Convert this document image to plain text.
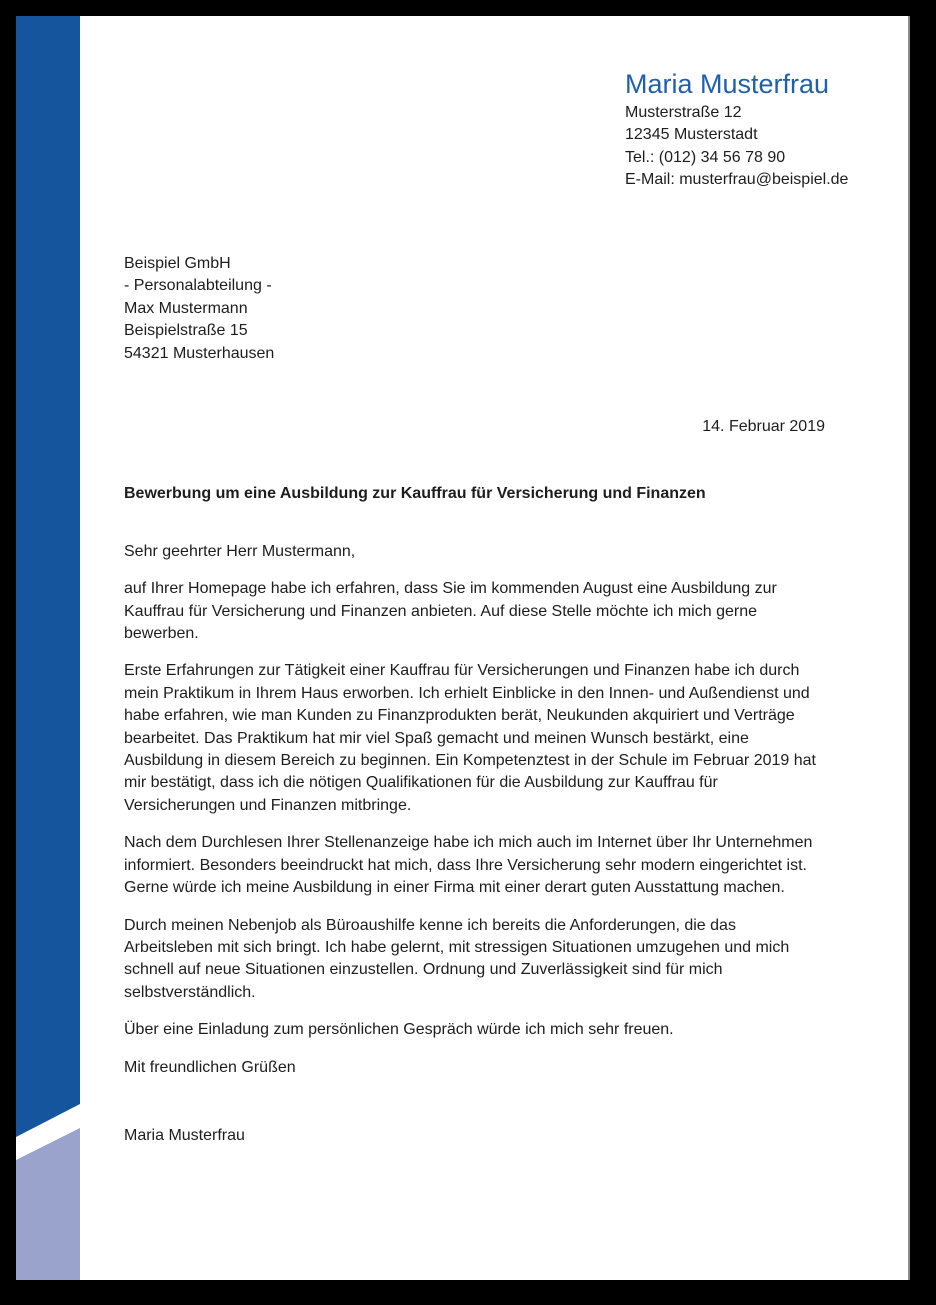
Maria Musterfrau
Musterstraße 12
12345 Musterstadt
Tel.: (012) 34 56 78 90
E-Mail: musterfrau@beispiel.de
Beispiel GmbH
- Personalabteilung -
Max Mustermann
Beispielstraße 15
54321 Musterhausen
14. Februar 2019
Bewerbung um eine Ausbildung zur Kauffrau für Versicherung und Finanzen
Sehr geehrter Herr Mustermann,
auf Ihrer Homepage habe ich erfahren, dass Sie im kommenden August eine Ausbildung zur Kauffrau für Versicherung und Finanzen anbieten. Auf diese Stelle möchte ich mich gerne bewerben.
Erste Erfahrungen zur Tätigkeit einer Kauffrau für Versicherungen und Finanzen habe ich durch mein Praktikum in Ihrem Haus erworben. Ich erhielt Einblicke in den Innen- und Außendienst und habe erfahren, wie man Kunden zu Finanzprodukten berät, Neukunden akquiriert und Verträge bearbeitet. Das Praktikum hat mir viel Spaß gemacht und meinen Wunsch bestärkt, eine Ausbildung in diesem Bereich zu beginnen. Ein Kompetenztest in der Schule im Februar 2019 hat mir bestätigt, dass ich die nötigen Qualifikationen für die Ausbildung zur Kauffrau für Versicherungen und Finanzen mitbringe.
Nach dem Durchlesen Ihrer Stellenanzeige habe ich mich auch im Internet über Ihr Unternehmen informiert. Besonders beeindruckt hat mich, dass Ihre Versicherung sehr modern eingerichtet ist. Gerne würde ich meine Ausbildung in einer Firma mit einer derart guten Ausstattung machen.
Durch meinen Nebenjob als Büroaushilfe kenne ich bereits die Anforderungen, die das Arbeitsleben mit sich bringt. Ich habe gelernt, mit stressigen Situationen umzugehen und mich schnell auf neue Situationen einzustellen. Ordnung und Zuverlässigkeit sind für mich selbstverständlich.
Über eine Einladung zum persönlichen Gespräch würde ich mich sehr freuen.
Mit freundlichen Grüßen
Maria Musterfrau
